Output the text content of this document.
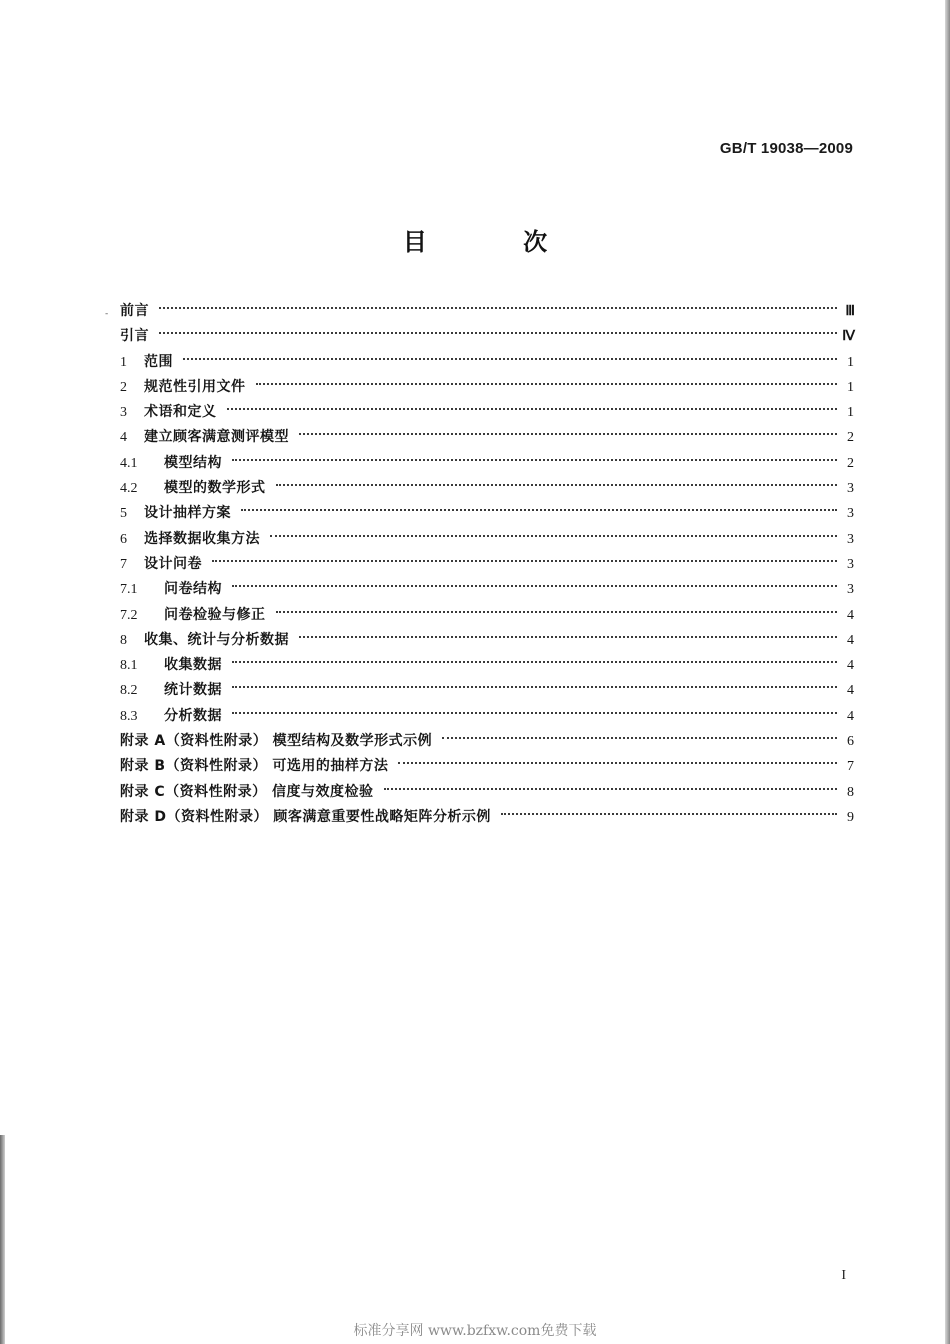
GB/T 19038—2009
目 次
- 前言	Ⅲ
引言	Ⅳ
1	范围	1
2	规范性引用文件	1
3	术语和定义	1
4	建立顾客满意测评模型	2
4.1	模型结构	2
4.2	模型的数学形式	3
5	设计抽样方案	3
6	选择数据收集方法	3
7	设计问卷	3
7.1	问卷结构	3
7.2	问卷检验与修正	4
8	收集、统计与分析数据	4
8.1	收集数据	4
8.2	统计数据	4
8.3	分析数据	4
附录 A（资料性附录） 模型结构及数学形式示例	6
附录 B（资料性附录） 可选用的抽样方法	7
附录 C（资料性附录） 信度与效度检验	8
附录 D（资料性附录） 顾客满意重要性战略矩阵分析示例	9
I
标准分享网 www.bzfxw.com免费下载
